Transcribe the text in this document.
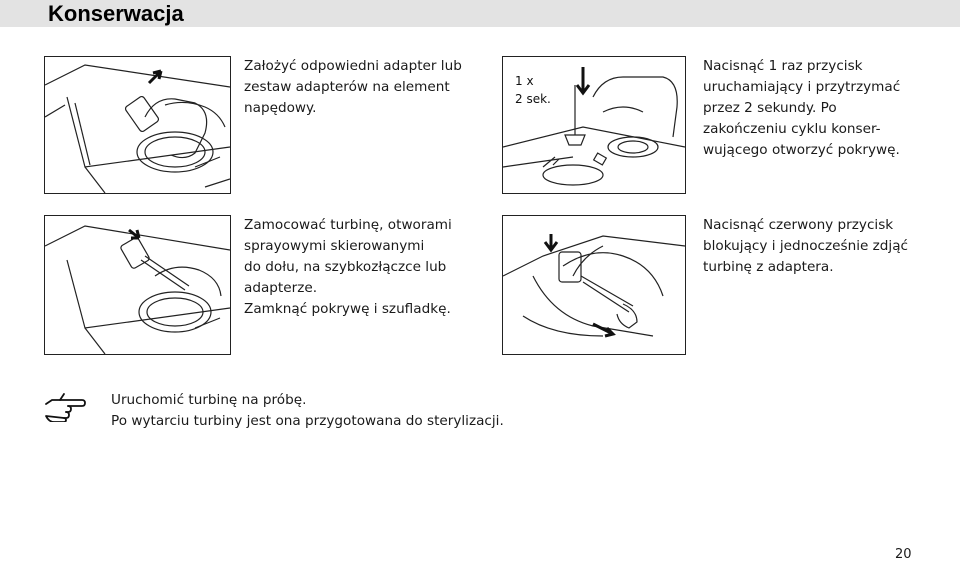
Konserwacja

Założyć odpowiedni adapter lub

zestaw adapterów na element

napędowy.

1 x
2 sek.

Nacisnąć 1 raz przycisk

uruchamiający i przytrzymać

przez 2 sekundy. Po

zakończeniu cyklu konser-

wującego otworzyć pokrywę.

Zamocować turbinę, otworami

sprayowymi skierowanymi

do dołu, na szybkozłączce lub

adapterze.

Zamknąć pokrywę i szufladkę.

Nacisnąć czerwony przycisk

blokujący i jednocześnie zdjąć

turbinę z adaptera.

Uruchomić turbinę na próbę.

Po wytarciu turbiny jest ona przygotowana do sterylizacji.

20
